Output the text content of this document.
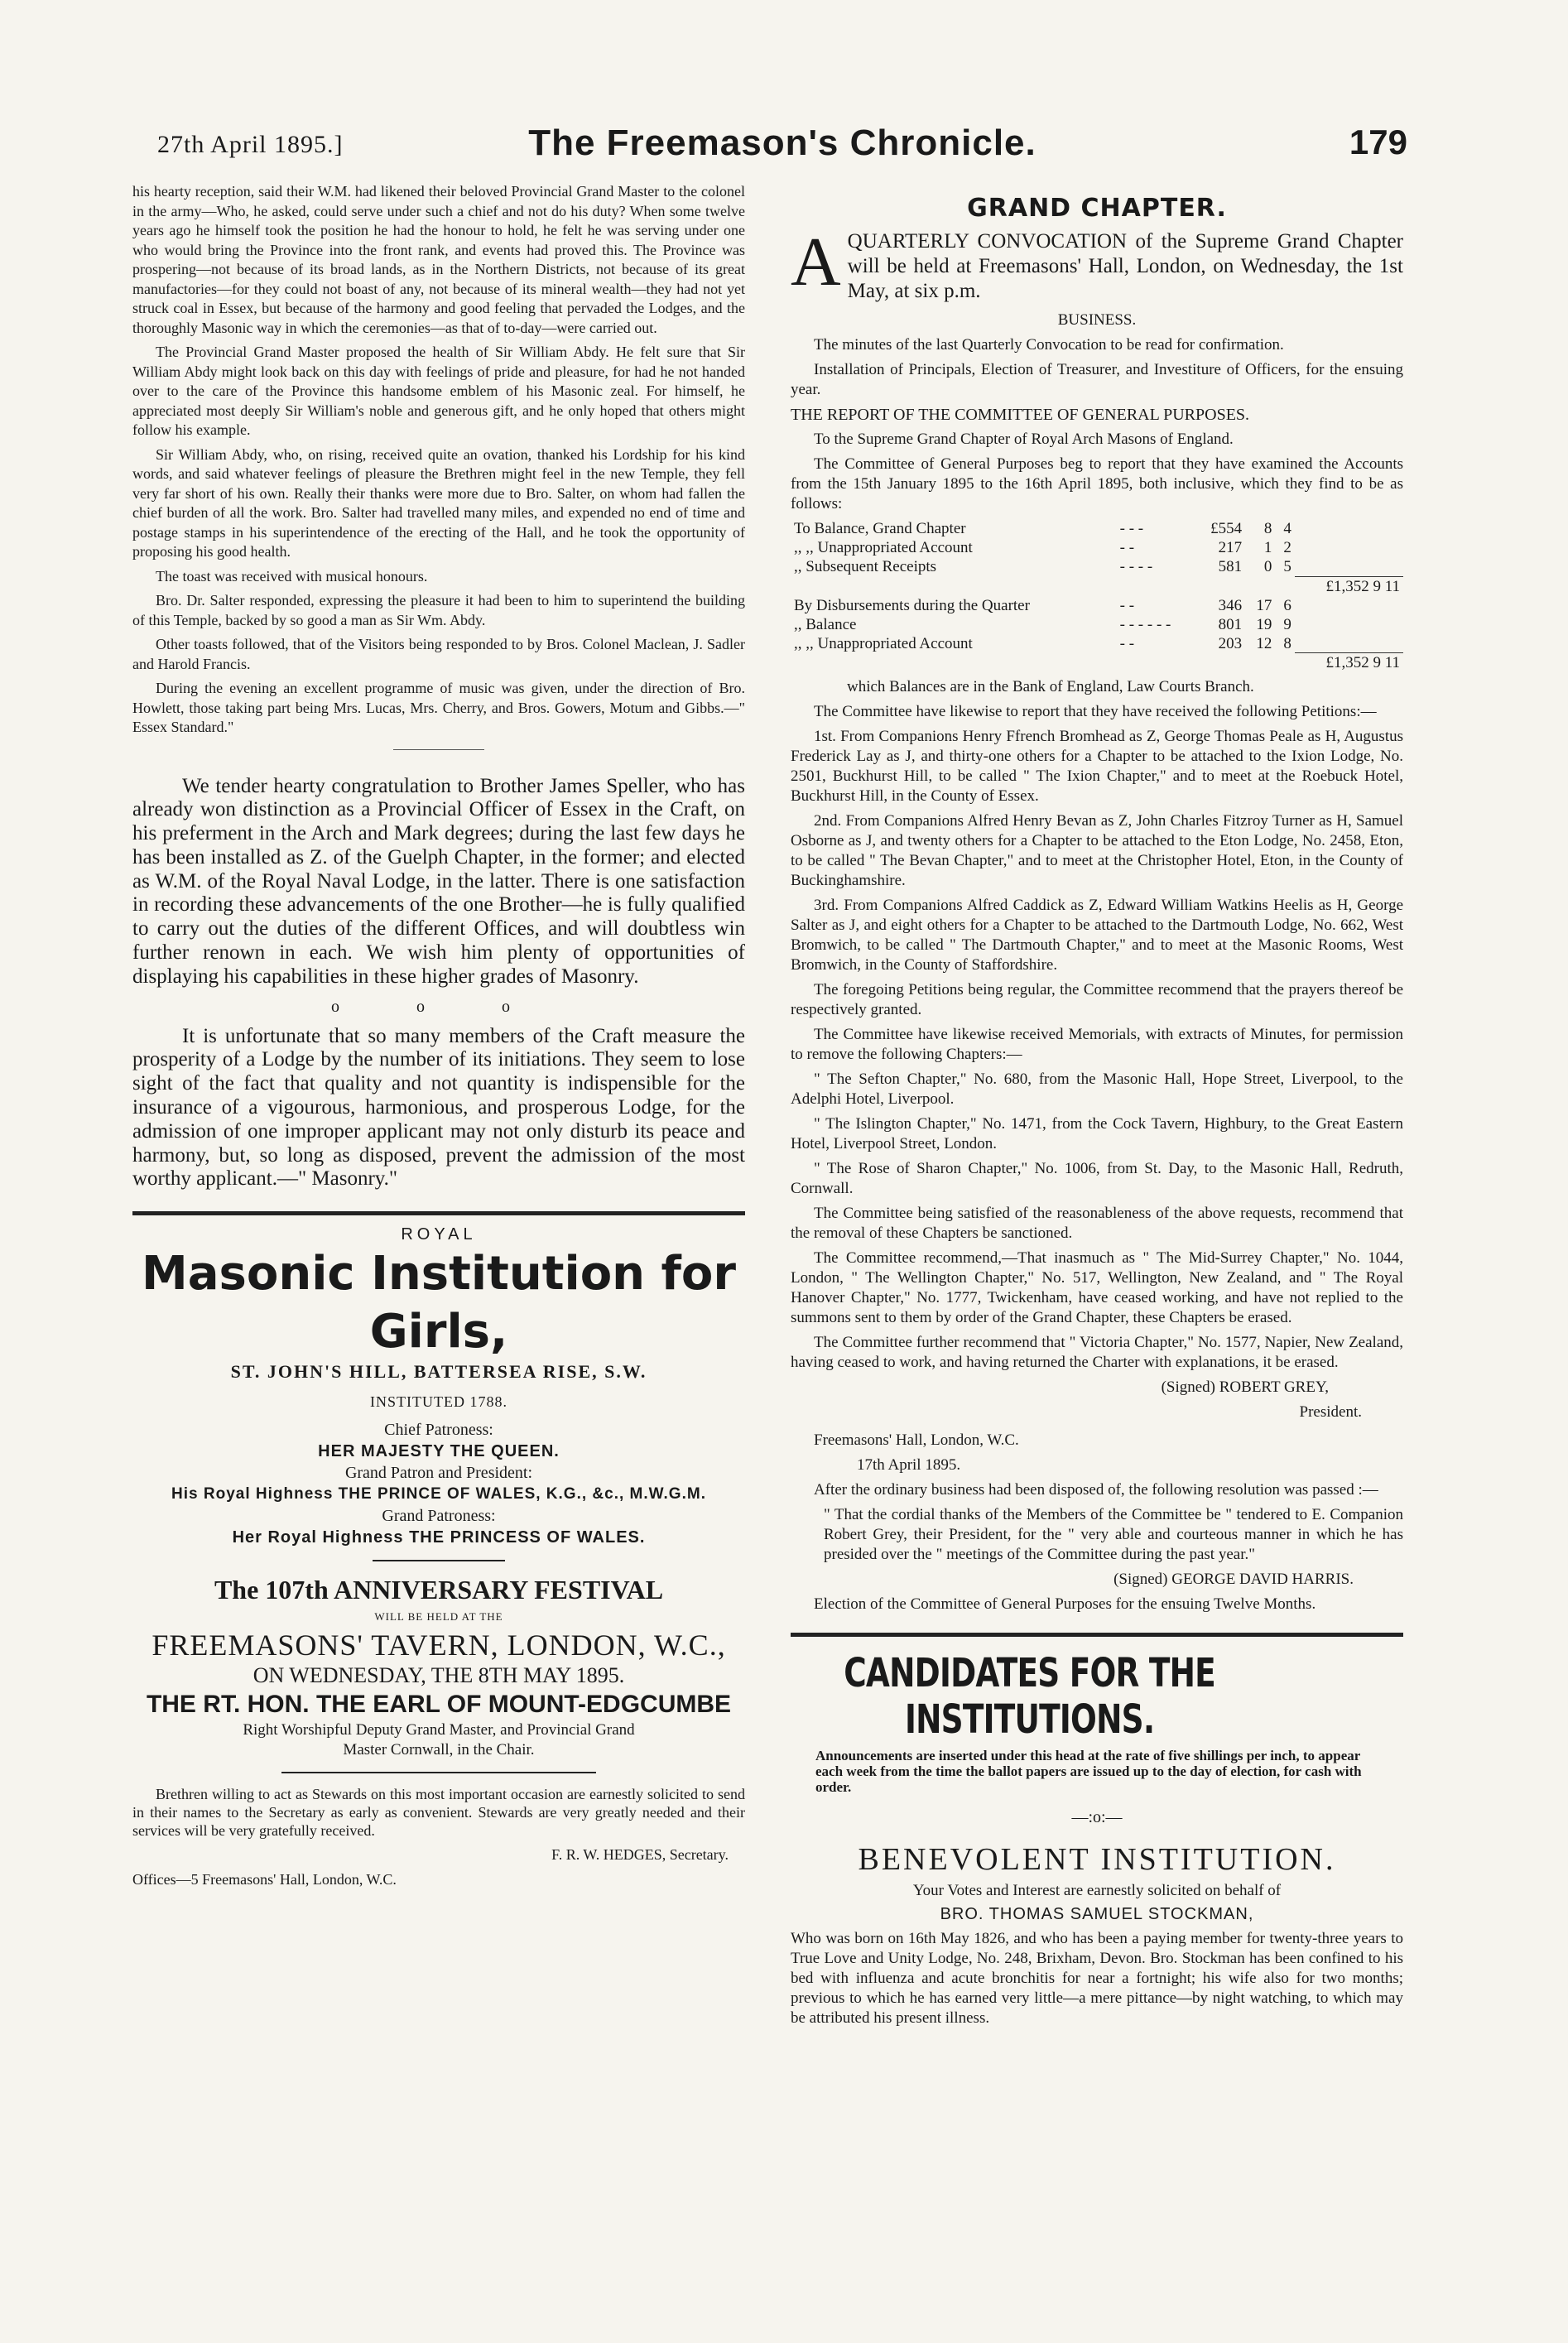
27th April 1895.]	The Freemason's Chronicle.	179

his hearty reception, said their W.M. had likened their beloved Provincial Grand Master to the colonel in the army—Who, he asked, could serve under such a chief and not do his duty? When some twelve years ago he himself took the position he had the honour to hold, he felt he was serving under one who would bring the Province into the front rank, and events had proved this. The Province was prospering—not because of its broad lands, as in the Northern Districts, not because of its great manufactories—for they could not boast of any, not because of its mineral wealth—they had not yet struck coal in Essex, but because of the harmony and good feeling that pervaded the Lodges, and the thoroughly Masonic way in which the ceremonies—as that of to-day—were carried out.

The Provincial Grand Master proposed the health of Sir William Abdy. He felt sure that Sir William Abdy might look back on this day with feelings of pride and pleasure, for had he not handed over to the care of the Province this handsome emblem of his Masonic zeal. For himself, he appreciated most deeply Sir William's noble and generous gift, and he only hoped that others might follow his example.

Sir William Abdy, who, on rising, received quite an ovation, thanked his Lordship for his kind words, and said whatever feelings of pleasure the Brethren might feel in the new Temple, they fell very far short of his own. Really their thanks were more due to Bro. Salter, on whom had fallen the chief burden of all the work. Bro. Salter had travelled many miles, and expended no end of time and postage stamps in his superintendence of the erecting of the Hall, and he took the opportunity of proposing his good health.

The toast was received with musical honours.

Bro. Dr. Salter responded, expressing the pleasure it had been to him to superintend the building of this Temple, backed by so good a man as Sir Wm. Abdy.

Other toasts followed, that of the Visitors being responded to by Bros. Colonel Maclean, J. Sadler and Harold Francis.

During the evening an excellent programme of music was given, under the direction of Bro. Howlett, those taking part being Mrs. Lucas, Mrs. Cherry, and Bros. Gowers, Motum and Gibbs.—" Essex Standard."

We tender hearty congratulation to Brother James Speller, who has already won distinction as a Provincial Officer of Essex in the Craft, on his preferment in the Arch and Mark degrees; during the last few days he has been installed as Z. of the Guelph Chapter, in the former; and elected as W.M. of the Royal Naval Lodge, in the latter. There is one satisfaction in recording these advancements of the one Brother—he is fully qualified to carry out the duties of the different Offices, and will doubtless win further renown in each. We wish him plenty of opportunities of displaying his capabilities in these higher grades of Masonry.

o o o

It is unfortunate that so many members of the Craft measure the prosperity of a Lodge by the number of its initiations. They seem to lose sight of the fact that quality and not quantity is indispensible for the insurance of a vigourous, harmonious, and prosperous Lodge, for the admission of one improper applicant may not only disturb its peace and harmony, but, so long as disposed, prevent the admission of the most worthy applicant.—" Masonry."

ROYAL
Masonic Institution for Girls,
ST. JOHN'S HILL, BATTERSEA RISE, S.W.
INSTITUTED 1788.
Chief Patroness:
HER MAJESTY THE QUEEN.
Grand Patron and President:
His Royal Highness THE PRINCE OF WALES, K.G., &c., M.W.G.M.
Grand Patroness:
Her Royal Highness THE PRINCESS OF WALES.
The 107th ANNIVERSARY FESTIVAL
WILL BE HELD AT THE
FREEMASONS' TAVERN, LONDON, W.C.,
ON WEDNESDAY, THE 8TH MAY 1895.
THE RT. HON. THE EARL OF MOUNT-EDGCUMBE
Right Worshipful Deputy Grand Master, and Provincial Grand Master Cornwall, in the Chair.

Brethren willing to act as Stewards on this most important occasion are earnestly solicited to send in their names to the Secretary as early as convenient. Stewards are very greatly needed and their services will be very gratefully received.

F. R. W. HEDGES, Secretary.

Offices—5 Freemasons' Hall, London, W.C.

GRAND CHAPTER.
A QUARTERLY CONVOCATION of the Supreme Grand Chapter will be held at Freemasons' Hall, London, on Wednesday, the 1st May, at six p.m.

BUSINESS.

The minutes of the last Quarterly Convocation to be read for confirmation.

Installation of Principals, Election of Treasurer, and Investiture of Officers, for the ensuing year.

THE REPORT OF THE COMMITTEE OF GENERAL PURPOSES.

To the Supreme Grand Chapter of Royal Arch Masons of England.

The Committee of General Purposes beg to report that they have examined the Accounts from the 15th January 1895 to the 16th April 1895, both inclusive, which they find to be as follows:

To Balance, Grand Chapter	- - -	£554	8	4	
,, ,, Unappropriated Account	- -	217	1	2	
,, Subsequent Receipts	- - - -	581	0	5	
					£1,352 9 11
By Disbursements during the Quarter	- -	346	17	6	
,, Balance	- - - - - -	801	19	9	
,, ,, Unappropriated Account	- -	203	12	8	
					£1,352 9 11

which Balances are in the Bank of England, Law Courts Branch.

The Committee have likewise to report that they have received the following Petitions:—

1st. From Companions Henry Ffrench Bromhead as Z, George Thomas Peale as H, Augustus Frederick Lay as J, and thirty-one others for a Chapter to be attached to the Ixion Lodge, No. 2501, Buckhurst Hill, to be called " The Ixion Chapter," and to meet at the Roebuck Hotel, Buckhurst Hill, in the County of Essex.

2nd. From Companions Alfred Henry Bevan as Z, John Charles Fitzroy Turner as H, Samuel Osborne as J, and twenty others for a Chapter to be attached to the Eton Lodge, No. 2458, Eton, to be called " The Bevan Chapter," and to meet at the Christopher Hotel, Eton, in the County of Buckinghamshire.

3rd. From Companions Alfred Caddick as Z, Edward William Watkins Heelis as H, George Salter as J, and eight others for a Chapter to be attached to the Dartmouth Lodge, No. 662, West Bromwich, to be called " The Dartmouth Chapter," and to meet at the Masonic Rooms, West Bromwich, in the County of Staffordshire.

The foregoing Petitions being regular, the Committee recommend that the prayers thereof be respectively granted.

The Committee have likewise received Memorials, with extracts of Minutes, for permission to remove the following Chapters:—

" The Sefton Chapter," No. 680, from the Masonic Hall, Hope Street, Liverpool, to the Adelphi Hotel, Liverpool.

" The Islington Chapter," No. 1471, from the Cock Tavern, Highbury, to the Great Eastern Hotel, Liverpool Street, London.

" The Rose of Sharon Chapter," No. 1006, from St. Day, to the Masonic Hall, Redruth, Cornwall.

The Committee being satisfied of the reasonableness of the above requests, recommend that the removal of these Chapters be sanctioned.

The Committee recommend,—That inasmuch as " The Mid-Surrey Chapter," No. 1044, London, " The Wellington Chapter," No. 517, Wellington, New Zealand, and " The Royal Hanover Chapter," No. 1777, Twickenham, have ceased working, and have not replied to the summons sent to them by order of the Grand Chapter, these Chapters be erased.

The Committee further recommend that " Victoria Chapter," No. 1577, Napier, New Zealand, having ceased to work, and having returned the Charter with explanations, it be erased.

(Signed) ROBERT GREY,

President.

Freemasons' Hall, London, W.C.

17th April 1895.

After the ordinary business had been disposed of, the following resolution was passed :—

" That the cordial thanks of the Members of the Committee be " tendered to E. Companion Robert Grey, their President, for the " very able and courteous manner in which he has presided over the " meetings of the Committee during the past year."

(Signed) GEORGE DAVID HARRIS.

Election of the Committee of General Purposes for the ensuing Twelve Months.

CANDIDATES FOR THE INSTITUTIONS.

Announcements are inserted under this head at the rate of five shillings per inch, to appear each week from the time the ballot papers are issued up to the day of election, for cash with order.

—:o:—
BENEVOLENT INSTITUTION.

Your Votes and Interest are earnestly solicited on behalf of

BRO. THOMAS SAMUEL STOCKMAN,

Who was born on 16th May 1826, and who has been a paying member for twenty-three years to True Love and Unity Lodge, No. 248, Brixham, Devon. Bro. Stockman has been confined to his bed with influenza and acute bronchitis for near a fortnight; his wife also for two months; previous to which he has earned very little—a mere pittance—by night watching, to which may be attributed his present illness.
